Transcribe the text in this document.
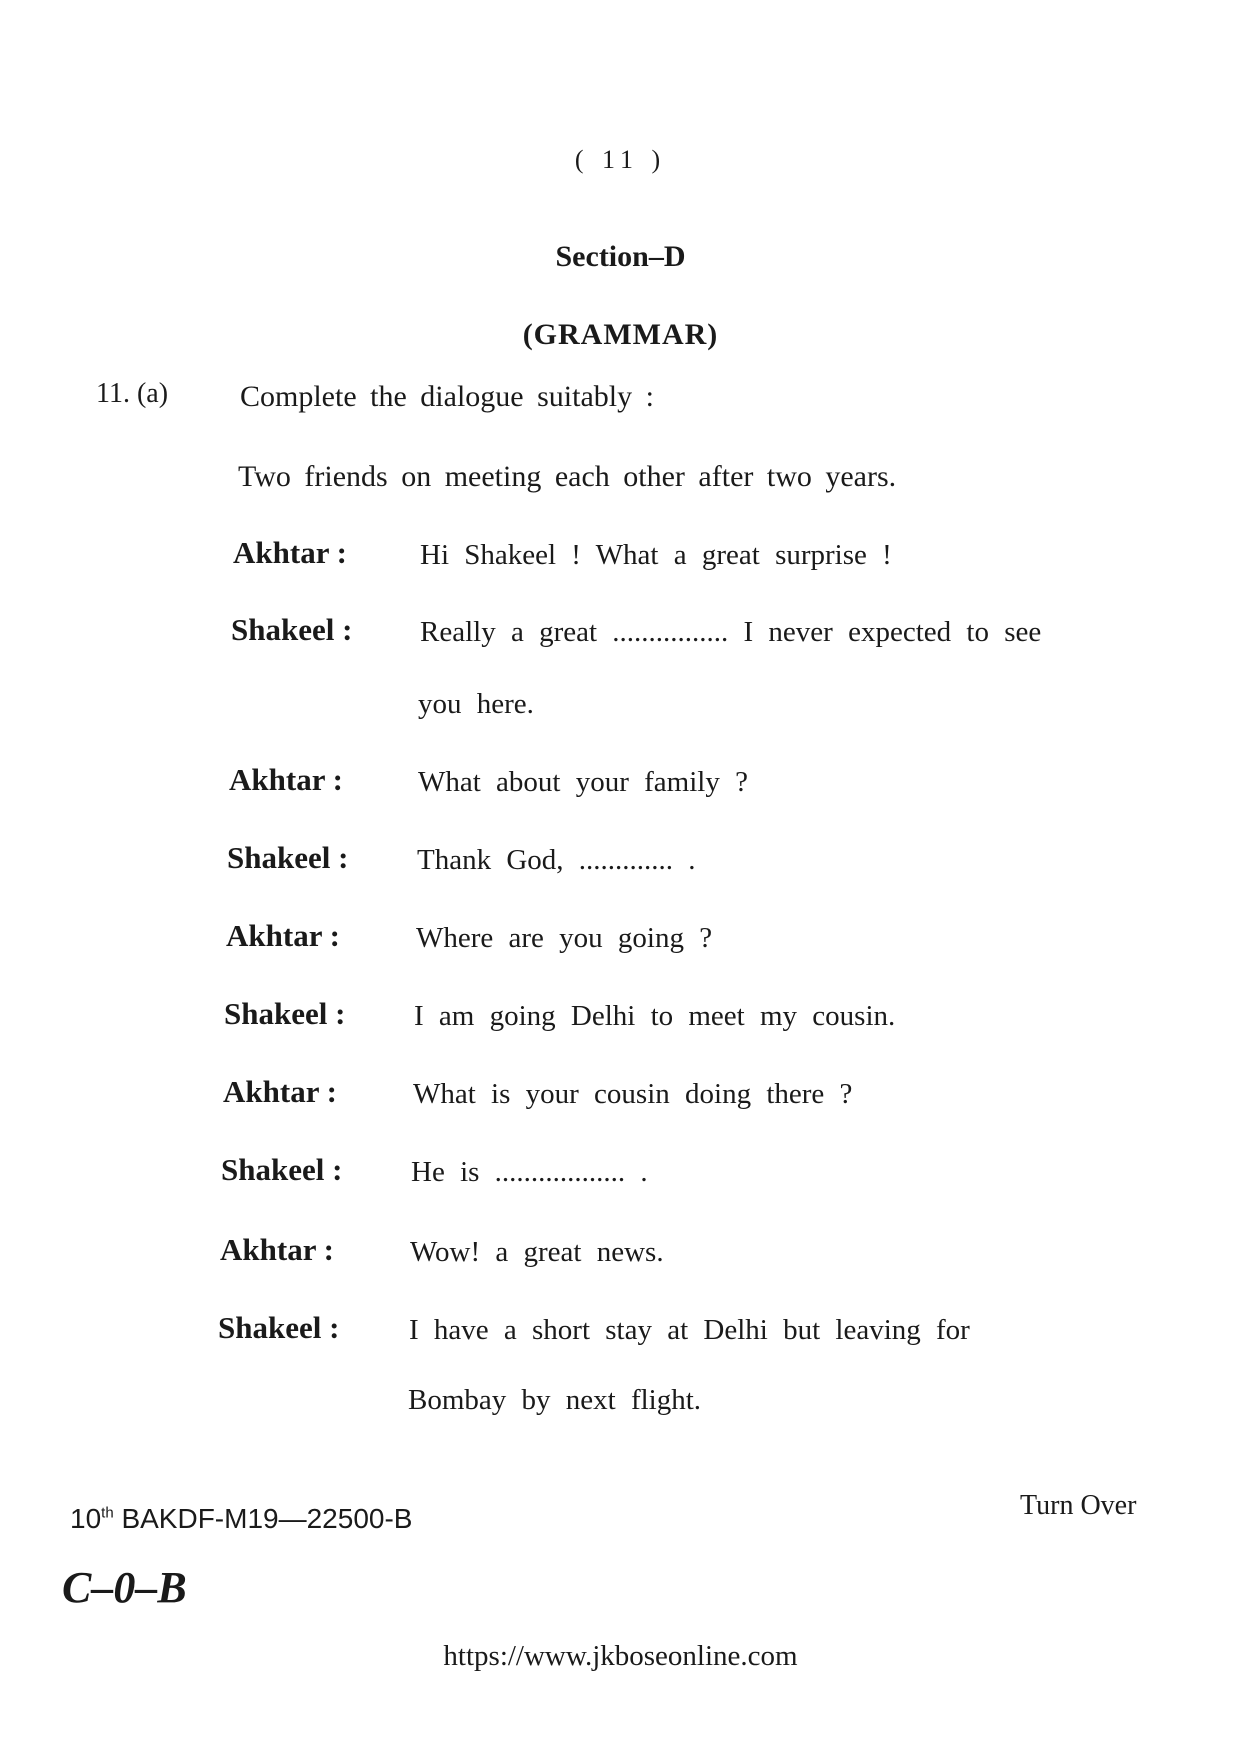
( 11 )
Section–D
(GRAMMAR)
11. (a) Complete the dialogue suitably :
Two friends on meeting each other after two years.
Akhtar :	Hi Shakeel ! What a great surprise !
Shakeel : Really a great ................ I never expected to see
you here.
Akhtar :	What about your family ?
Shakeel : Thank God, ............. .
Akhtar :	Where are you going ?
Shakeel : I am going Delhi to meet my cousin.
Akhtar :	What is your cousin doing there ?
Shakeel : He is .................. .
Akhtar :	Wow! a great news.
Shakeel : I have a short stay at Delhi but leaving for
Bombay by next flight.
Turn Over
10th BAKDF-M19—22500-B
C–0–B
https://www.jkboseonline.com
